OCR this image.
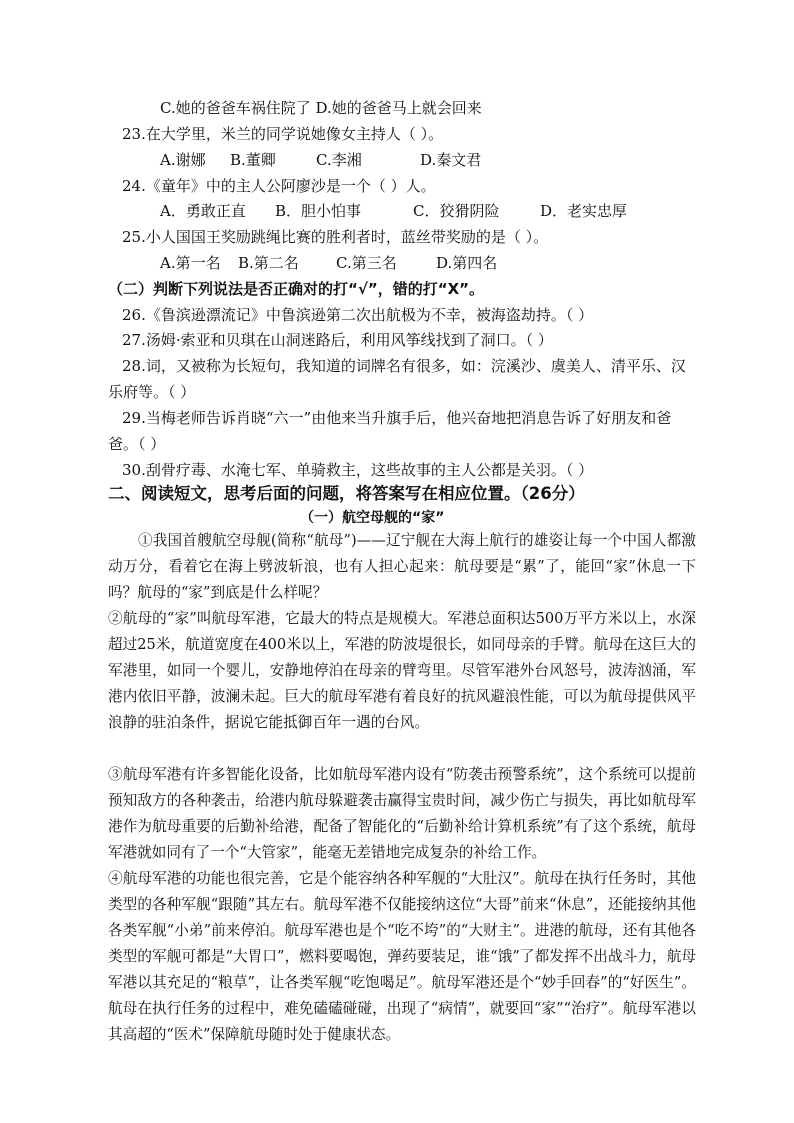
C.她的爸爸车祸住院了 D.她的爸爸马上就会回来
23.在大学里，米兰的同学说她像女主持人（ ）。
A.谢娜 B.董卿	C.李湘	D.秦文君
24.《童年》中的主人公阿廖沙是一个（ ）人。
A．勇敢正直 B．胆小怕事	C．狡猾阴险	D．老实忠厚
25.小人国国王奖励跳绳比赛的胜利者时，蓝丝带奖励的是（ ）。
A.第一名 B.第二名 C.第三名	D.第四名
（二）判断下列说法是否正确对的打“√”，错的打“X”。
26.《鲁滨逊漂流记》中鲁滨逊第二次出航极为不幸，被海盗劫持。（ ）
27.汤姆·索亚和贝琪在山洞迷路后，利用风筝线找到了洞口。（ ）
28.词，又被称为长短句，我知道的词牌名有很多，如：浣溪沙、虞美人、清平乐、汉
乐府等。（ ）
29.当梅老师告诉肖晓“六一”由他来当升旗手后，他兴奋地把消息告诉了好朋友和爸
爸。（ ）
30.刮骨疗毒、水淹七军、单骑救主，这些故事的主人公都是关羽。（ ）
二、阅读短文，思考后面的问题，将答案写在相应位置。（26分）
（一）航空母舰的“家”
①我国首艘航空母舰(简称“航母”)——辽宁舰在大海上航行的雄姿让每一个中国人都激动万分，看着它在海上劈波斩浪，也有人担心起来：航母要是“累”了，能回“家”休息一下吗？航母的“家”到底是什么样呢？
②航母的“家”叫航母军港，它最大的特点是规模大。军港总面积达500万平方米以上，水深超过25米，航道宽度在400米以上，军港的防波堤很长，如同母亲的手臂。航母在这巨大的军港里，如同一个婴儿，安静地停泊在母亲的臂弯里。尽管军港外台风怒号，波涛汹涌，军港内依旧平静，波澜未起。巨大的航母军港有着良好的抗风避浪性能，可以为航母提供风平浪静的驻泊条件，据说它能抵御百年一遇的台风。
③航母军港有许多智能化设备，比如航母军港内设有“防袭击预警系统”，这个系统可以提前预知敌方的各种袭击，给港内航母躲避袭击赢得宝贵时间，减少伤亡与损失，再比如航母军港作为航母重要的后勤补给港，配备了智能化的“后勤补给计算机系统”有了这个系统，航母军港就如同有了一个“大管家”，能毫无差错地完成复杂的补给工作。
④航母军港的功能也很完善，它是个能容纳各种军舰的“大肚汉”。航母在执行任务时，其他类型的各种军舰“跟随”其左右。航母军港不仅能接纳这位“大哥”前来“休息”，还能接纳其他各类军舰“小弟”前来停泊。航母军港也是个“吃不垮”的“大财主”。进港的航母，还有其他各类型的军舰可都是“大胃口”，燃料要喝饱，弹药要装足，谁“饿”了都发挥不出战斗力，航母军港以其充足的“粮草”，让各类军舰“吃饱喝足”。航母军港还是个“妙手回春”的“好医生”。航母在执行任务的过程中，难免磕磕碰碰，出现了“病情”，就要回“家”“治疗”。航母军港以其高超的“医术”保障航母随时处于健康状态。
